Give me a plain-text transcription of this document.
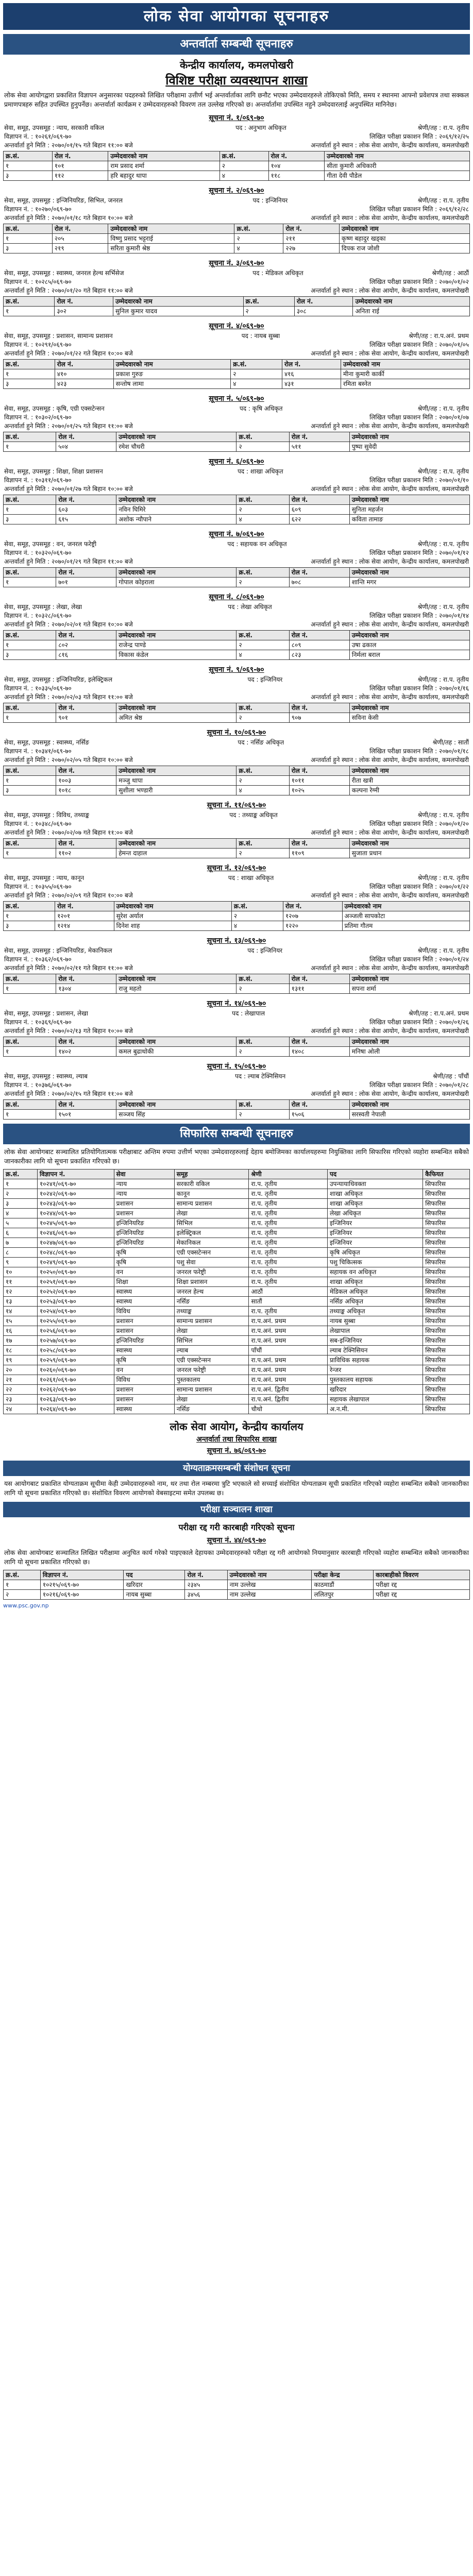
लोक सेवा आयोगका सूचनाहरु
अन्तर्वार्ता सम्बन्धी सूचनाहरु
केन्द्रीय कार्यालय, कमलपोखरी
विशिष्ट परीक्षा व्यवस्थापन शाखा
लोक सेवा आयोगद्वारा प्रकाशित विज्ञापन अनुसारका पदहरुको लिखित परीक्षामा उत्तीर्ण भई अन्तर्वार्ताका लागि छनौट भएका उम्मेदवारहरुले तोकिएको मिति, समय र स्थानमा आफ्नो प्रवेशपत्र तथा सक्कल प्रमाणपत्रहरु सहित उपस्थित हुनुपर्नेछ। अन्तर्वार्ता कार्यक्रम र उम्मेदवारहरुको विवरण तल उल्लेख गरिएको छ। अन्तर्वार्तामा उपस्थित नहुने उम्मेदवारलाई अनुपस्थित मानिनेछ।
सूचना नं. १/०६९-७०
सेवा, समूह, उपसमूह : न्याय, सरकारी वकिल	पद : अनुभाग अधिकृत	श्रेणी/तह : रा.प. तृतीय
विज्ञापन नं. : १०२६१/०६९-७०	लिखित परीक्षा प्रकाशन मिति : २०६९/१२/२५
अन्तर्वार्ता हुने मिति : २०७०/०१/१५ गते बिहान ११:०० बजे	अन्तर्वार्ता हुने स्थान : लोक सेवा आयोग, केन्द्रीय कार्यालय, कमलपोखरी
क्र.सं.	रोल नं.	उम्मेदवारको नाम	क्र.सं.	रोल नं.	उम्मेदवारको नाम
१	१०१	राम प्रसाद शर्मा	२	१०४	सीता कुमारी अधिकारी
३	११२	हरि बहादुर थापा	४	११८	गीता देवी पौडेल
सूचना नं. २/०६९-७०
सेवा, समूह, उपसमूह : इन्जिनियरिङ, सिभिल, जनरल	पद : इन्जिनियर	श्रेणी/तह : रा.प. तृतीय
विज्ञापन नं. : १०२७०/०६९-७०	लिखित परीक्षा प्रकाशन मिति : २०६९/१२/२८
अन्तर्वार्ता हुने मिति : २०७०/०१/१८ गते बिहान १०:०० बजे	अन्तर्वार्ता हुने स्थान : लोक सेवा आयोग, केन्द्रीय कार्यालय, कमलपोखरी
क्र.सं.	रोल नं.	उम्मेदवारको नाम	क्र.सं.	रोल नं.	उम्मेदवारको नाम
१	२०५	विष्णु प्रसाद भट्टराई	२	२११	कृष्ण बहादुर खड्का
३	२१९	सरिता कुमारी श्रेष्ठ	४	२२७	दिपक राज जोशी
सूचना नं. ३/०६९-७०
सेवा, समूह, उपसमूह : स्वास्थ्य, जनरल हेल्थ सर्भिसेज	पद : मेडिकल अधिकृत	श्रेणी/तह : आठौं
विज्ञापन नं. : १०२८५/०६९-७०	लिखित परीक्षा प्रकाशन मिति : २०७०/०१/०२
अन्तर्वार्ता हुने मिति : २०७०/०१/२० गते बिहान ११:०० बजे	अन्तर्वार्ता हुने स्थान : लोक सेवा आयोग, केन्द्रीय कार्यालय, कमलपोखरी
क्र.सं.	रोल नं.	उम्मेदवारको नाम	क्र.सं.	रोल नं.	उम्मेदवारको नाम
१	३०२	सुनिल कुमार यादव	२	३०८	अनिता राई
सूचना नं. ४/०६९-७०
सेवा, समूह, उपसमूह : प्रशासन, सामान्य प्रशासन	पद : नायब सुब्बा	श्रेणी/तह : रा.प.अनं. प्रथम
विज्ञापन नं. : १०२९१/०६९-७०	लिखित परीक्षा प्रकाशन मिति : २०७०/०१/०५
अन्तर्वार्ता हुने मिति : २०७०/०१/२२ गते बिहान १०:०० बजे	अन्तर्वार्ता हुने स्थान : लोक सेवा आयोग, केन्द्रीय कार्यालय, कमलपोखरी
क्र.सं.	रोल नं.	उम्मेदवारको नाम	क्र.सं.	रोल नं.	उम्मेदवारको नाम
१	४१०	प्रकाश गुरुङ	२	४१६	मीना कुमारी कार्की
३	४२३	सन्तोष लामा	४	४३१	रमिता बस्नेत
सूचना नं. ५/०६९-७०
सेवा, समूह, उपसमूह : कृषि, एग्री एक्सटेन्सन	पद : कृषि अधिकृत	श्रेणी/तह : रा.प. तृतीय
विज्ञापन नं. : १०३०२/०६९-७०	लिखित परीक्षा प्रकाशन मिति : २०७०/०१/०७
अन्तर्वार्ता हुने मिति : २०७०/०१/२५ गते बिहान ११:०० बजे	अन्तर्वार्ता हुने स्थान : लोक सेवा आयोग, केन्द्रीय कार्यालय, कमलपोखरी
क्र.सं.	रोल नं.	उम्मेदवारको नाम	क्र.सं.	रोल नं.	उम्मेदवारको नाम
१	५०४	रमेश चौधरी	२	५११	पुष्पा सुवेदी
सूचना नं. ६/०६९-७०
सेवा, समूह, उपसमूह : शिक्षा, शिक्षा प्रशासन	पद : शाखा अधिकृत	श्रेणी/तह : रा.प. तृतीय
विज्ञापन नं. : १०३११/०६९-७०	लिखित परीक्षा प्रकाशन मिति : २०७०/०१/१०
अन्तर्वार्ता हुने मिति : २०७०/०१/२७ गते बिहान १०:०० बजे	अन्तर्वार्ता हुने स्थान : लोक सेवा आयोग, केन्द्रीय कार्यालय, कमलपोखरी
क्र.सं.	रोल नं.	उम्मेदवारको नाम	क्र.सं.	रोल नं.	उम्मेदवारको नाम
१	६०३	नविन घिमिरे	२	६०९	सुनिता महर्जन
३	६१५	अशोक न्यौपाने	४	६२२	कविता तामाङ
सूचना नं. ७/०६९-७०
सेवा, समूह, उपसमूह : वन, जनरल फरेष्ट्री	पद : सहायक वन अधिकृत	श्रेणी/तह : रा.प. तृतीय
विज्ञापन नं. : १०३२०/०६९-७०	लिखित परीक्षा प्रकाशन मिति : २०७०/०१/१२
अन्तर्वार्ता हुने मिति : २०७०/०१/२९ गते बिहान ११:०० बजे	अन्तर्वार्ता हुने स्थान : लोक सेवा आयोग, केन्द्रीय कार्यालय, कमलपोखरी
क्र.सं.	रोल नं.	उम्मेदवारको नाम	क्र.सं.	रोल नं.	उम्मेदवारको नाम
१	७०१	गोपाल कोइराला	२	७०८	शान्ति मगर
सूचना नं. ८/०६९-७०
सेवा, समूह, उपसमूह : लेखा, लेखा	पद : लेखा अधिकृत	श्रेणी/तह : रा.प. तृतीय
विज्ञापन नं. : १०३२८/०६९-७०	लिखित परीक्षा प्रकाशन मिति : २०७०/०१/१४
अन्तर्वार्ता हुने मिति : २०७०/०२/०१ गते बिहान १०:०० बजे	अन्तर्वार्ता हुने स्थान : लोक सेवा आयोग, केन्द्रीय कार्यालय, कमलपोखरी
क्र.सं.	रोल नं.	उम्मेदवारको नाम	क्र.सं.	रोल नं.	उम्मेदवारको नाम
१	८०२	राजेन्द्र पाण्डे	२	८०९	उषा ढकाल
३	८१६	विकास कंडेल	४	८२३	निर्मला बराल
सूचना नं. ९/०६९-७०
सेवा, समूह, उपसमूह : इन्जिनियरिङ, इलेक्ट्रिकल	पद : इन्जिनियर	श्रेणी/तह : रा.प. तृतीय
विज्ञापन नं. : १०३३५/०६९-७०	लिखित परीक्षा प्रकाशन मिति : २०७०/०१/१६
अन्तर्वार्ता हुने मिति : २०७०/०२/०३ गते बिहान ११:०० बजे	अन्तर्वार्ता हुने स्थान : लोक सेवा आयोग, केन्द्रीय कार्यालय, कमलपोखरी
क्र.सं.	रोल नं.	उम्मेदवारको नाम	क्र.सं.	रोल नं.	उम्मेदवारको नाम
१	९०१	अमित श्रेष्ठ	२	९०७	सविना केसी
सूचना नं. १०/०६९-७०
सेवा, समूह, उपसमूह : स्वास्थ्य, नर्सिङ	पद : नर्सिङ अधिकृत	श्रेणी/तह : सातौं
विज्ञापन नं. : १०३४१/०६९-७०	लिखित परीक्षा प्रकाशन मिति : २०७०/०१/१८
अन्तर्वार्ता हुने मिति : २०७०/०२/०५ गते बिहान १०:०० बजे	अन्तर्वार्ता हुने स्थान : लोक सेवा आयोग, केन्द्रीय कार्यालय, कमलपोखरी
क्र.सं.	रोल नं.	उम्मेदवारको नाम	क्र.सं.	रोल नं.	उम्मेदवारको नाम
१	१००३	मञ्जु थापा	२	१०११	रीता खत्री
३	१०१८	सुशीला भण्डारी	४	१०२५	कल्पना रेग्मी
सूचना नं. ११/०६९-७०
सेवा, समूह, उपसमूह : विविध, तथ्याङ्क	पद : तथ्याङ्क अधिकृत	श्रेणी/तह : रा.प. तृतीय
विज्ञापन नं. : १०३४८/०६९-७०	लिखित परीक्षा प्रकाशन मिति : २०७०/०१/२०
अन्तर्वार्ता हुने मिति : २०७०/०२/०७ गते बिहान ११:०० बजे	अन्तर्वार्ता हुने स्थान : लोक सेवा आयोग, केन्द्रीय कार्यालय, कमलपोखरी
क्र.सं.	रोल नं.	उम्मेदवारको नाम	क्र.सं.	रोल नं.	उम्मेदवारको नाम
१	११०२	हेमन्त दाहाल	२	११०९	सुजाता प्रधान
सूचना नं. १२/०६९-७०
सेवा, समूह, उपसमूह : न्याय, कानून	पद : शाखा अधिकृत	श्रेणी/तह : रा.प. तृतीय
विज्ञापन नं. : १०३५५/०६९-७०	लिखित परीक्षा प्रकाशन मिति : २०७०/०१/२२
अन्तर्वार्ता हुने मिति : २०७०/०२/०९ गते बिहान १०:०० बजे	अन्तर्वार्ता हुने स्थान : लोक सेवा आयोग, केन्द्रीय कार्यालय, कमलपोखरी
क्र.सं.	रोल नं.	उम्मेदवारको नाम	क्र.सं.	रोल नं.	उम्मेदवारको नाम
१	१२०१	सुरेश अर्याल	२	१२०७	अञ्जली सापकोटा
३	१२१४	दिनेश शाह	४	१२२०	प्रतिमा गौतम
सूचना नं. १३/०६९-७०
सेवा, समूह, उपसमूह : इन्जिनियरिङ, मेकानिकल	पद : इन्जिनियर	श्रेणी/तह : रा.प. तृतीय
विज्ञापन नं. : १०३६२/०६९-७०	लिखित परीक्षा प्रकाशन मिति : २०७०/०१/२४
अन्तर्वार्ता हुने मिति : २०७०/०२/११ गते बिहान ११:०० बजे	अन्तर्वार्ता हुने स्थान : लोक सेवा आयोग, केन्द्रीय कार्यालय, कमलपोखरी
क्र.सं.	रोल नं.	उम्मेदवारको नाम	क्र.सं.	रोल नं.	उम्मेदवारको नाम
१	१३०४	राजु महतो	२	१३११	सपना शर्मा
सूचना नं. १४/०६९-७०
सेवा, समूह, उपसमूह : प्रशासन, लेखा	पद : लेखापाल	श्रेणी/तह : रा.प.अनं. प्रथम
विज्ञापन नं. : १०३६९/०६९-७०	लिखित परीक्षा प्रकाशन मिति : २०७०/०१/२६
अन्तर्वार्ता हुने मिति : २०७०/०२/१३ गते बिहान १०:०० बजे	अन्तर्वार्ता हुने स्थान : लोक सेवा आयोग, केन्द्रीय कार्यालय, कमलपोखरी
क्र.सं.	रोल नं.	उम्मेदवारको नाम	क्र.सं.	रोल नं.	उम्मेदवारको नाम
१	१४०२	कमल बुढाथोकी	२	१४०८	मनिषा ओली
सूचना नं. १५/०६९-७०
सेवा, समूह, उपसमूह : स्वास्थ्य, ल्याब	पद : ल्याब टेक्निसियन	श्रेणी/तह : पाँचौं
विज्ञापन नं. : १०३७६/०६९-७०	लिखित परीक्षा प्रकाशन मिति : २०७०/०१/२८
अन्तर्वार्ता हुने मिति : २०७०/०२/१५ गते बिहान ११:०० बजे	अन्तर्वार्ता हुने स्थान : लोक सेवा आयोग, केन्द्रीय कार्यालय, कमलपोखरी
क्र.सं.	रोल नं.	उम्मेदवारको नाम	क्र.सं.	रोल नं.	उम्मेदवारको नाम
१	१५०१	सञ्जय सिंह	२	१५०६	सरस्वती नेपाली
सिफारिस सम्बन्धी सूचनाहरु
लोक सेवा आयोगबाट सञ्चालित प्रतियोगितात्मक परीक्षाबाट अन्तिम रुपमा उत्तीर्ण भएका उम्मेदवारहरुलाई देहाय बमोजिमका कार्यालयहरुमा नियुक्तिका लागि सिफारिस गरिएको व्यहोरा सम्बन्धित सबैको जानकारीका लागि यो सूचना प्रकाशित गरिएको छ।
क्र.सं.	विज्ञापन नं.	सेवा	समूह	श्रेणी	पद	कैफियत
१	१०२४१/०६९-७०	न्याय	सरकारी वकिल	रा.प. तृतीय	उपन्यायाधिवक्ता	सिफारिस
२	१०२४२/०६९-७०	न्याय	कानून	रा.प. तृतीय	शाखा अधिकृत	सिफारिस
३	१०२४३/०६९-७०	प्रशासन	सामान्य प्रशासन	रा.प. तृतीय	शाखा अधिकृत	सिफारिस
४	१०२४४/०६९-७०	प्रशासन	लेखा	रा.प. तृतीय	लेखा अधिकृत	सिफारिस
५	१०२४५/०६९-७०	इन्जिनियरिङ	सिभिल	रा.प. तृतीय	इन्जिनियर	सिफारिस
६	१०२४६/०६९-७०	इन्जिनियरिङ	इलेक्ट्रिकल	रा.प. तृतीय	इन्जिनियर	सिफारिस
७	१०२४७/०६९-७०	इन्जिनियरिङ	मेकानिकल	रा.प. तृतीय	इन्जिनियर	सिफारिस
८	१०२४८/०६९-७०	कृषि	एग्री एक्सटेन्सन	रा.प. तृतीय	कृषि अधिकृत	सिफारिस
९	१०२४९/०६९-७०	कृषि	पशु सेवा	रा.प. तृतीय	पशु चिकित्सक	सिफारिस
१०	१०२५०/०६९-७०	वन	जनरल फरेष्ट्री	रा.प. तृतीय	सहायक वन अधिकृत	सिफारिस
११	१०२५१/०६९-७०	शिक्षा	शिक्षा प्रशासन	रा.प. तृतीय	शाखा अधिकृत	सिफारिस
१२	१०२५२/०६९-७०	स्वास्थ्य	जनरल हेल्थ	आठौं	मेडिकल अधिकृत	सिफारिस
१३	१०२५३/०६९-७०	स्वास्थ्य	नर्सिङ	सातौं	नर्सिङ अधिकृत	सिफारिस
१४	१०२५४/०६९-७०	विविध	तथ्याङ्क	रा.प. तृतीय	तथ्याङ्क अधिकृत	सिफारिस
१५	१०२५५/०६९-७०	प्रशासन	सामान्य प्रशासन	रा.प.अनं. प्रथम	नायब सुब्बा	सिफारिस
१६	१०२५६/०६९-७०	प्रशासन	लेखा	रा.प.अनं. प्रथम	लेखापाल	सिफारिस
१७	१०२५७/०६९-७०	इन्जिनियरिङ	सिभिल	रा.प.अनं. प्रथम	सब-इन्जिनियर	सिफारिस
१८	१०२५८/०६९-७०	स्वास्थ्य	ल्याब	पाँचौं	ल्याब टेक्निसियन	सिफारिस
१९	१०२५९/०६९-७०	कृषि	एग्री एक्सटेन्सन	रा.प.अनं. प्रथम	प्राविधिक सहायक	सिफारिस
२०	१०२६०/०६९-७०	वन	जनरल फरेष्ट्री	रा.प.अनं. प्रथम	रेन्जर	सिफारिस
२१	१०२६१/०६९-७०	विविध	पुस्तकालय	रा.प.अनं. प्रथम	पुस्तकालय सहायक	सिफारिस
२२	१०२६२/०६९-७०	प्रशासन	सामान्य प्रशासन	रा.प.अनं. द्वितीय	खरिदार	सिफारिस
२३	१०२६३/०६९-७०	प्रशासन	लेखा	रा.प.अनं. द्वितीय	सहायक लेखापाल	सिफारिस
२४	१०२६४/०६९-७०	स्वास्थ्य	नर्सिङ	चौथो	अ.न.मी.	सिफारिस
लोक सेवा आयोग, केन्द्रीय कार्यालय
अन्तर्वार्ता तथा सिफारिस शाखा
सूचना नं. ७६/०६९-७०
योग्यताक्रमसम्बन्धी संशोधन सूचना
यस आयोगबाट प्रकाशित योग्यताक्रम सूचीमा केही उम्मेदवारहरुको नाम, थर तथा रोल नम्बरमा त्रुटि भएकाले सो सच्याई संशोधित योग्यताक्रम सूची प्रकाशित गरिएको व्यहोरा सम्बन्धित सबैको जानकारीका लागि यो सूचना प्रकाशित गरिएको छ। संशोधित विवरण आयोगको वेबसाइटमा समेत उपलब्ध छ।
परीक्षा सञ्चालन शाखा
परीक्षा रद्द गरी कारबाही गरिएको सूचना
सूचना नं. ४४/०६९-७०
लोक सेवा आयोगबाट सञ्चालित लिखित परीक्षामा अनुचित कार्य गरेको पाइएकाले देहायका उम्मेदवारहरुको परीक्षा रद्द गरी आयोगको नियमानुसार कारबाही गरिएको व्यहोरा सम्बन्धित सबैको जानकारीका लागि यो सूचना प्रकाशित गरिएको छ।
क्र.सं.	विज्ञापन नं.	पद	रोल नं.	उम्मेदवारको नाम	परीक्षा केन्द्र	कारबाहीको विवरण
१	१०२१५/०६९-७०	खरिदार	२३४५	नाम उल्लेख	काठमाडौं	परीक्षा रद्द
२	१०२१६/०६९-७०	नायब सुब्बा	३४५६	नाम उल्लेख	ललितपुर	परीक्षा रद्द
www.psc.gov.np
